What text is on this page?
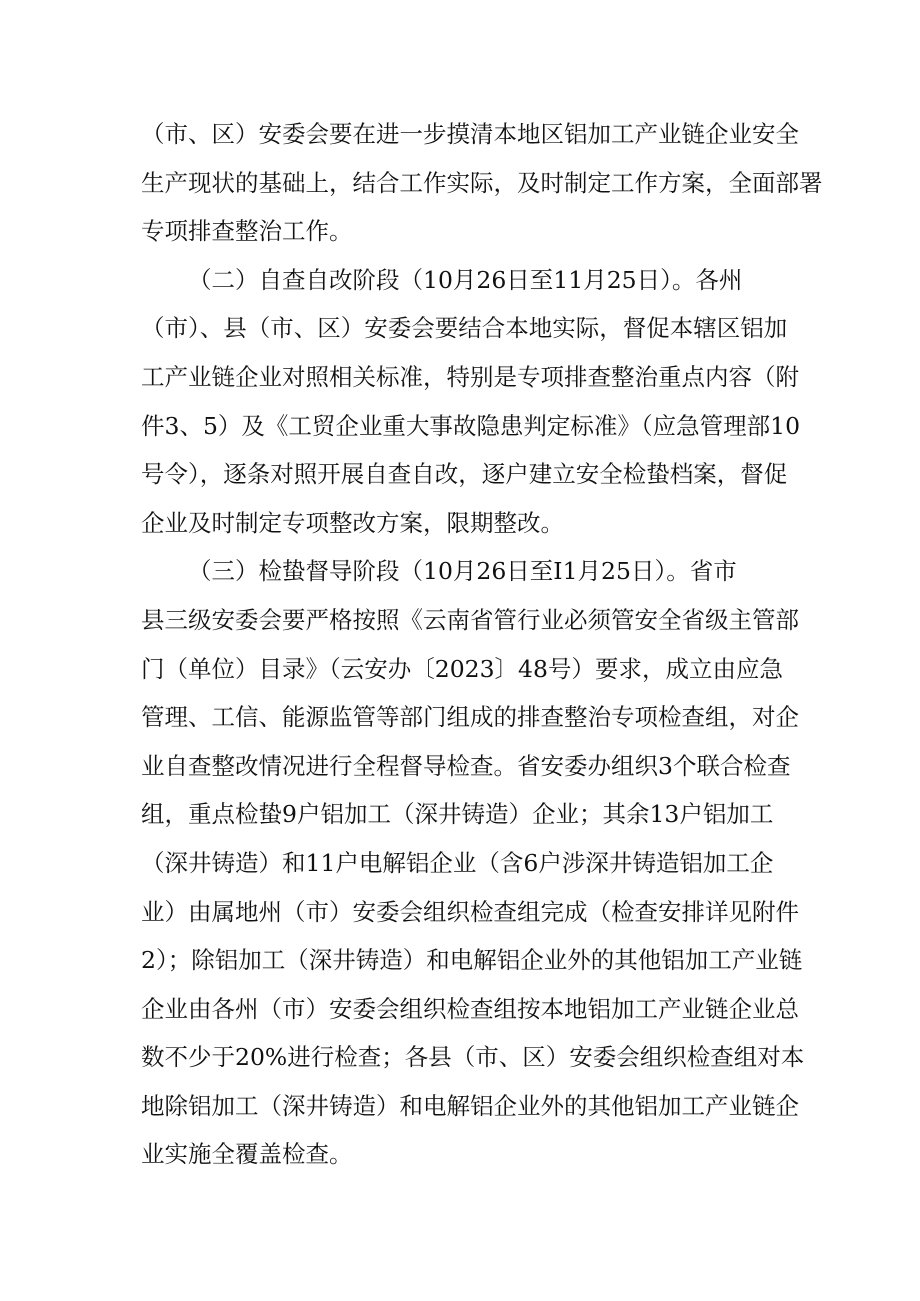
（市、区）安委会要在进一步摸清本地区铝加工产业链企业安全
生产现状的基础上，结合工作实际，及时制定工作方案，全面部署
专项排查整治工作。
（二）自查自改阶段（10月26日至11月25日）。各州
（市）、县（市、区）安委会要结合本地实际，督促本辖区铝加
工产业链企业对照相关标准，特别是专项排查整治重点内容（附
件3、5）及《工贸企业重大事故隐患判定标准》（应急管理部10
号令），逐条对照开展自查自改，逐户建立安全检蛰档案，督促
企业及时制定专项整改方案，限期整改。
（三）检蛰督导阶段（10月26日至I1月25日）。省市
县三级安委会要严格按照《云南省管行业必须管安全省级主管部
门（单位）目录》（云安办〔2023〕48号）要求，成立由应急
管理、工信、能源监管等部门组成的排查整治专项检查组，对企
业自查整改情况进行全程督导检查。省安委办组织3个联合检查
组，重点检蛰9户铝加工（深井铸造）企业；其余13户铝加工
（深井铸造）和11户电解铝企业（含6户涉深井铸造铝加工企
业）由属地州（市）安委会组织检查组完成（检查安排详见附件
2）；除铝加工（深井铸造）和电解铝企业外的其他铝加工产业链
企业由各州（市）安委会组织检查组按本地铝加工产业链企业总
数不少于20%进行检查；各县（市、区）安委会组织检查组对本
地除铝加工（深井铸造）和电解铝企业外的其他铝加工产业链企
业实施全覆盖检查。
